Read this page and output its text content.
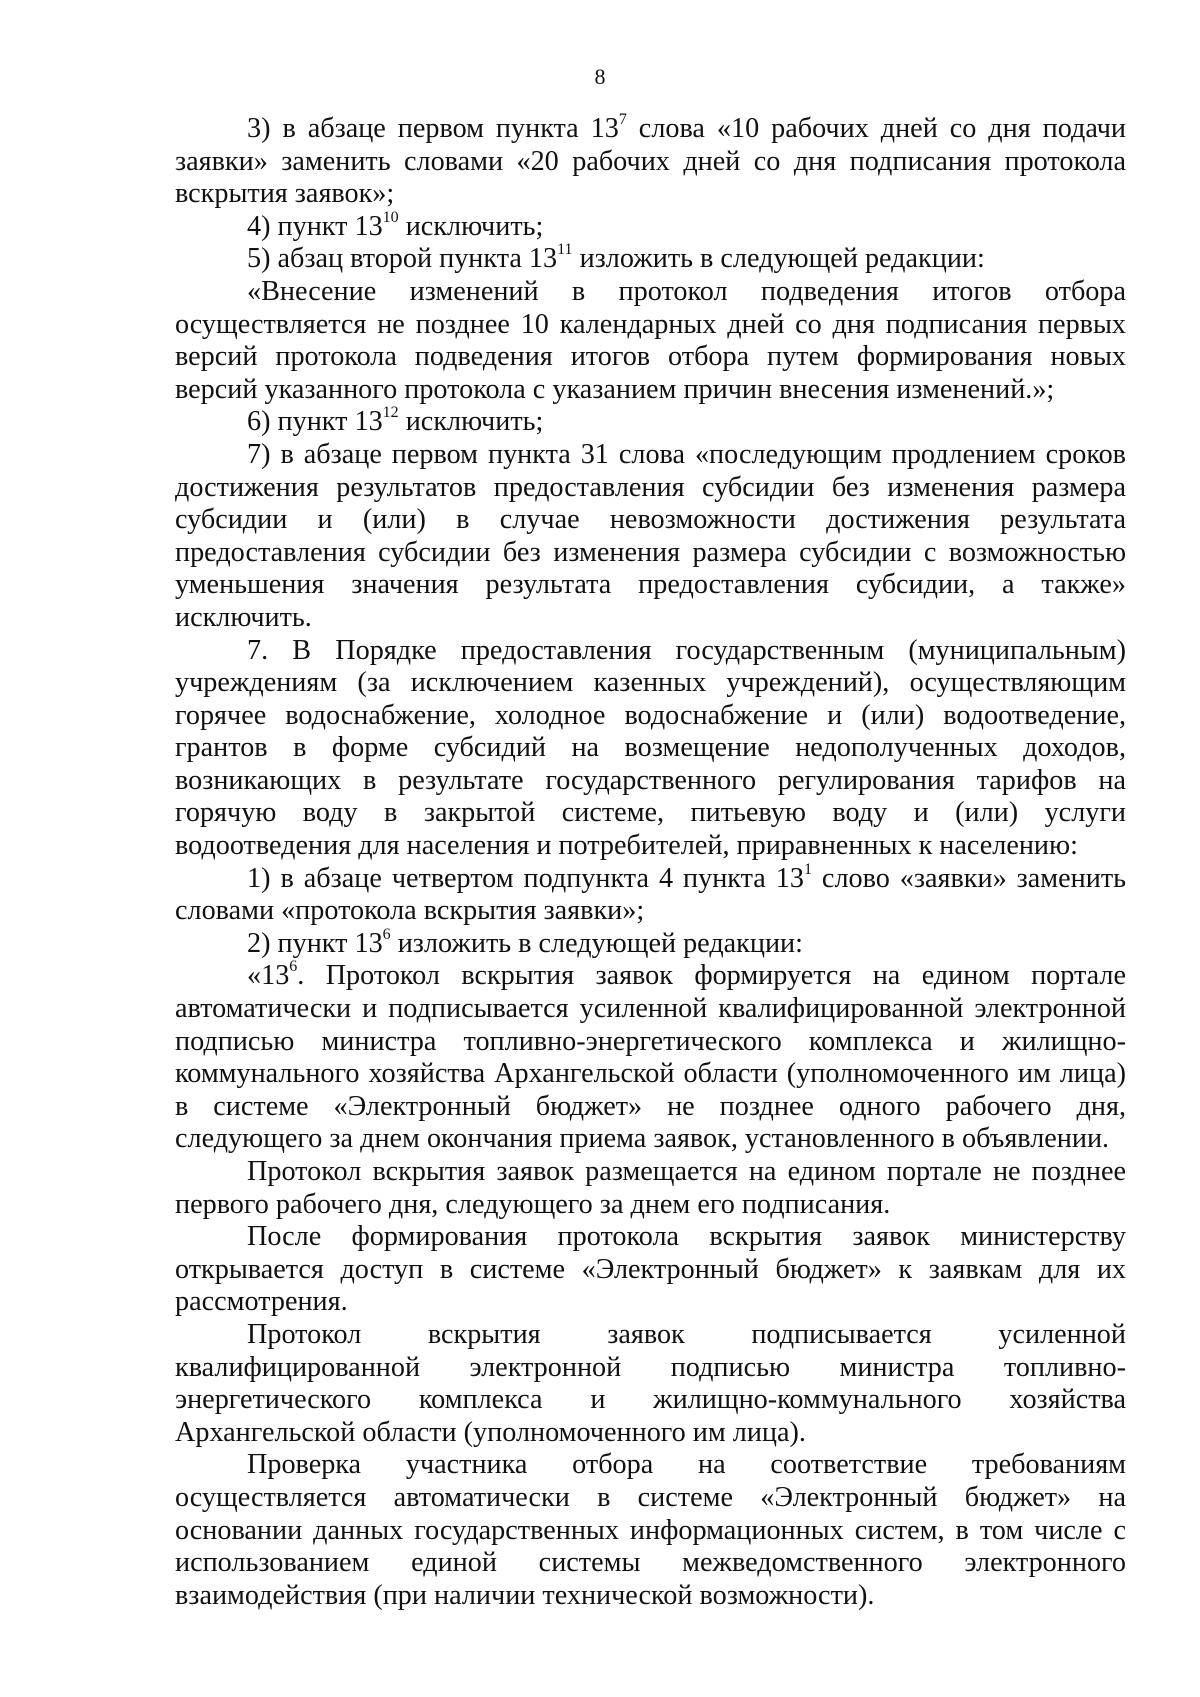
8

3) в абзаце первом пункта $13^7$ слова «10 рабочих дней со дня подачи заявки» заменить словами «20 рабочих дней со дня подписания протокола вскрытия заявок»;

4) пункт $13^{10}$ исключить;

5) абзац второй пункта $13^{11}$ изложить в следующей редакции:

«Внесение изменений в протокол подведения итогов отбора осуществляется не позднее 10 календарных дней со дня подписания первых версий протокола подведения итогов отбора путем формирования новых версий указанного протокола с указанием причин внесения изменений.»;

6) пункт $13^{12}$ исключить;

7) в абзаце первом пункта 31 слова «последующим продлением сроков достижения результатов предоставления субсидии без изменения размера субсидии и (или) в случае невозможности достижения результата предоставления субсидии без изменения размера субсидии с возможностью уменьшения значения результата предоставления субсидии, а также» исключить.

7. В Порядке предоставления государственным (муниципальным) учреждениям (за исключением казенных учреждений), осуществляющим горячее водоснабжение, холодное водоснабжение и (или) водоотведение, грантов в форме субсидий на возмещение недополученных доходов, возникающих в результате государственного регулирования тарифов на горячую воду в закрытой системе, питьевую воду и (или) услуги водоотведения для населения и потребителей, приравненных к населению:

1) в абзаце четвертом подпункта 4 пункта $13^1$ слово «заявки» заменить словами «протокола вскрытия заявки»;

2) пункт $13^6$ изложить в следующей редакции:

«$13^6$. Протокол вскрытия заявок формируется на едином портале автоматически и подписывается усиленной квалифицированной электронной подписью министра топливно-энергетического комплекса и жилищно-коммунального хозяйства Архангельской области (уполномоченного им лица) в системе «Электронный бюджет» не позднее одного рабочего дня, следующего за днем окончания приема заявок, установленного в объявлении.

Протокол вскрытия заявок размещается на едином портале не позднее первого рабочего дня, следующего за днем его подписания.

После формирования протокола вскрытия заявок министерству открывается доступ в системе «Электронный бюджет» к заявкам для их рассмотрения.

Протокол вскрытия заявок подписывается усиленной квалифицированной электронной подписью министра топливно-энергетического комплекса и жилищно-коммунального хозяйства Архангельской области (уполномоченного им лица).

Проверка участника отбора на соответствие требованиям осуществляется автоматически в системе «Электронный бюджет» на основании данных государственных информационных систем, в том числе с использованием единой системы межведомственного электронного взаимодействия (при наличии технической возможности).
